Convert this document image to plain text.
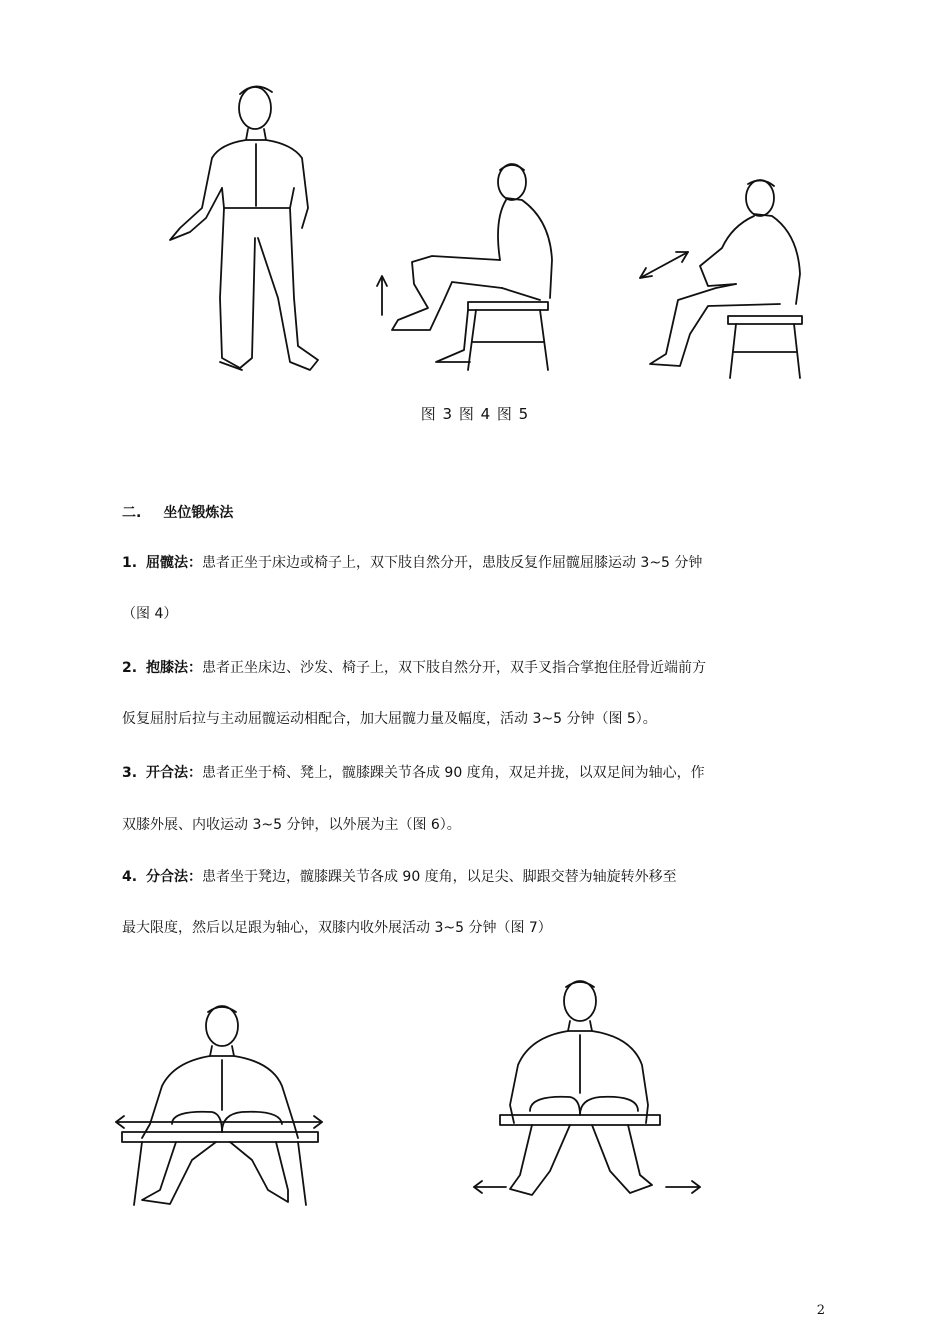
图 3 图 4 图 5
二. 坐位锻炼法
1. 屈髋法：患者正坐于床边或椅子上，双下肢自然分开，患肢反复作屈髋屈膝运动 3~5 分钟
（图 4）
2. 抱膝法：患者正坐床边、沙发、椅子上，双下肢自然分开，双手叉指合掌抱住胫骨近端前方
仮复屈肘后拉与主动屈髋运动相配合，加大屈髋力量及幅度，活动 3~5 分钟（图 5）。
3. 开合法：患者正坐于椅、凳上，髋膝踝关节各成 90 度角，双足并拢，以双足间为轴心，作
双膝外展、内收运动 3~5 分钟，以外展为主（图 6）。
4. 分合法：患者坐于凳边，髋膝踝关节各成 90 度角，以足尖、脚跟交替为轴旋转外移至
最大限度，然后以足跟为轴心，双膝内收外展活动 3~5 分钟（图 7）
2
